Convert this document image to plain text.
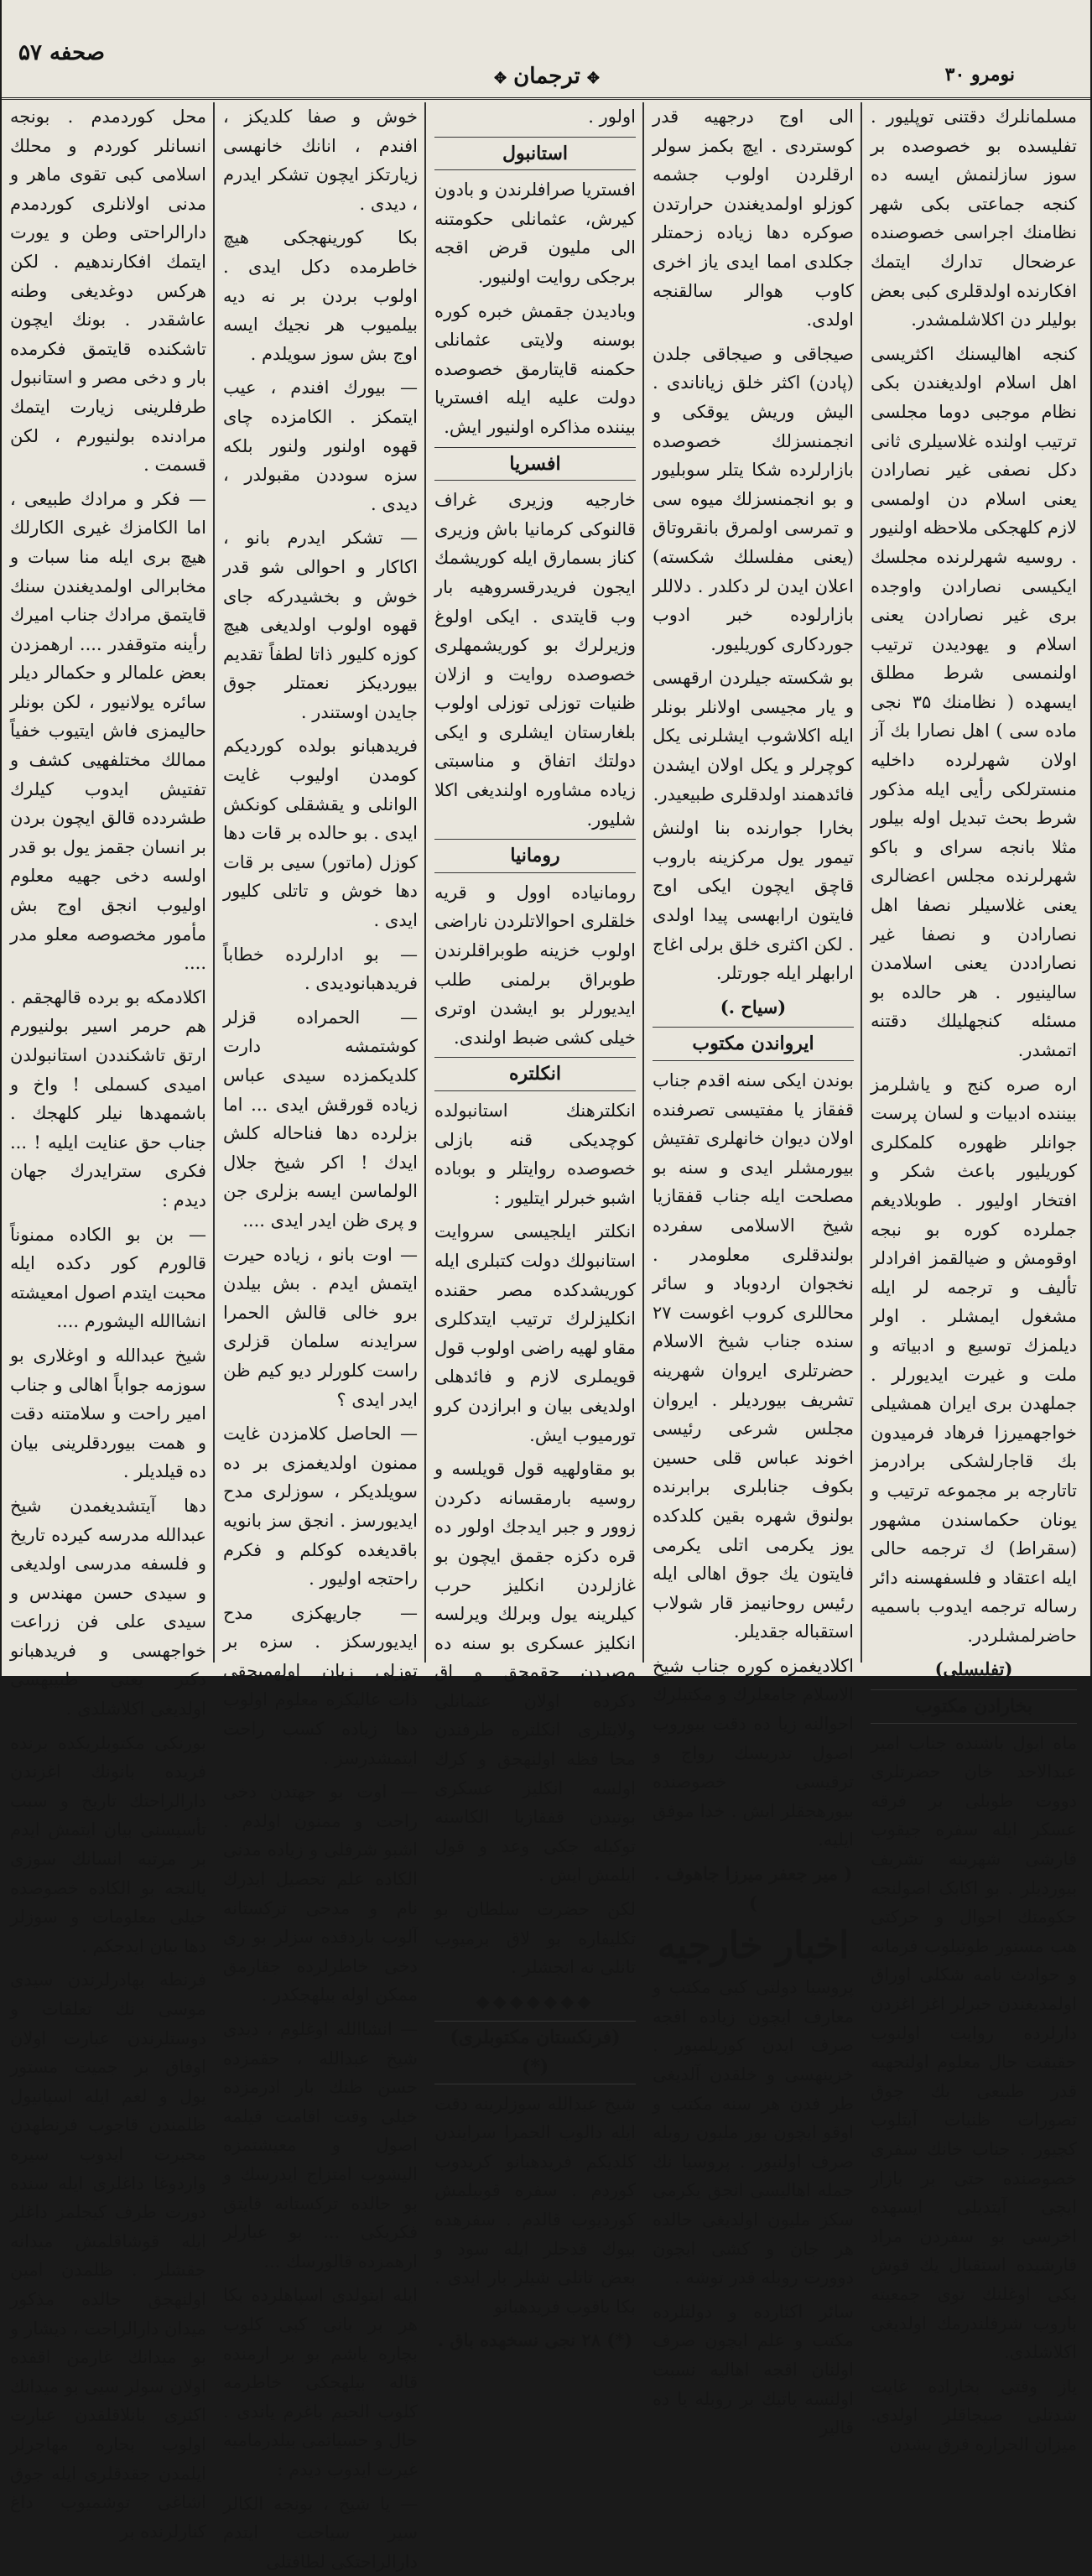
صحفه ۵۷
✥ ترجمان ✥	نومرو ۳۰

مسلمانلرك دقتنی توپلیور . تفلیسده بو خصوصده بر سوز سازلنمش ایسه ده کنجه جماعتی بکی شهر نظامنك اجراسی خصوصنده عرضحال تدارك ایتمك افکارنده اولدقلری کبی بعض بولیلر دن اکلاشلمشدر.

کنجه اهالیسنك اکثریسی اهل اسلام اولدیغندن بکی نظام موجبی دوما مجلسی ترتیب اولنده غلاسیلری ثانی دکل نصفی غیر نصارادن یعنی اسلام دن اولمسی لازم کلهجکی ملاحظه اولنیور . روسیه شهرلرنده مجلسك ایکیسی نصارادن واوجده بری غیر نصارادن یعنی اسلام و یهودیدن ترتیب اولنمسی شرط مطلق ایسهده ( نظامنك ۳۵ نجی ماده سی ) اهل نصارا بك آز اولان شهرلرده داخلیه منسترلکی رأیی ایله مذکور شرط بحث تبدیل اوله بیلور مثلا بانجه سرای و باکو شهرلرنده مجلس اعضالری یعنی غلاسیلر نصفا اهل نصارادن و نصفا غیر نصاراددن یعنی اسلامدن سالینیور . هر حالده بو مسئله کنجهلیلك دقتنه اتمشدر.

اره صره کنج و یاشلرمز بیننده ادبیات و لسان پرست جوانلر ظهوره کلمکلری کوریلیور باعث شکر و افتخار اولیور . طوبلادیغم جملرده کوره بو نبجه اوقومش و ضیالقمز افرادلر تألیف و ترجمه لر ایله مشغول ایمشلر . اولر دیلمزك توسیع و ادبیاته و ملت و غیرت ایدیورلر . جملهدن بری ایران همشیلی خواجهمیرزا فرهاد فرمیدون بك قاجارلشکی برادرمز تاتارجه بر مجموعه ترتیب و یونان حکماسندن مشهور (سقراط) ك ترجمه حالی ایله اعتقاد و فلسفهسنه دائر رساله ترجمه ایدوب باسمیه حاضرلمشلردر.

(تفلیسلی)
بخارادن مکتوب

ماه ایول باشنده جناب امیر عبدالاحد خان حضرتلری دووت طوبلی بر فرقه عسکر ایله سفره جیقوب قارشی شهرینه تشریف بیوردیلر . بو اکابک اصولنجه حکومتك احوال و حرکتی هب مستور طوتیلوب فرمانه و حوادث نامه شکلی اوراق اولمدیغندن خبرلر اغز اغزدن دارلرده روایت اولنوب حقیقت حال معلوم اولنجهیه قدر طبیعی بك چوق تصورات ظنیات آیتلوب کچیور . جناب خانك سفری خصوصنده حتی بر بازار ایچی آیتدیلی ایسهده اخرسی بو سفردن مراد قارشیده استقبال یك قوش بکی اوغلنك توی جمعیته باروب شرفلندرمك اولدیغی اکلاشلدی.

یاز وقتی بخاراده غایت شدتلی صیجاقلر اولدی. میزان الحراره فرق بشدن

الی اوج درجهیه قدر کوستردی . ایچ بکمز سولر ارقلردن اولوب جشمه کوزلو اولمدیغندن حرارتدن صوکره دها زیاده زحمتلر جکلدی امما ایدی یاز اخری کاوب هوالر سالقنجه اولدی.

صیجاقی و صیجاقی جلدن (پادن) اکثر خلق زیاناندی . الیش وریش یوقکی و انجمنسزلك خصوصده بازارلرده شکا یتلر سوبلیور و بو انجمنسزلك میوه سی و تمرسی اولمرق بانقروتاق (یعنی مفلسلك شکسته) اعلان ایدن لر دکلدر . دلاللر بازارلوده خبر ادوب جوردکاری کوریلیور.

بو شکسته جیلردن ارقهسی و یار مجیسی اولانلر بونلر ایله اکلاشوب ایشلرنی یکل کوچرلر و یکل اولان ایشدن فائدهمند اولدقلری طبیعیدر.

بخارا جوارنده بنا اولنش تیمور یول مرکزینه باروب قاچق ایچون ایکی اوج فایتون ارابهسی پیدا اولدی . لکن اکثری خلق برلی اغاج ارابهلر ایله جورتلر.

(سیاح .)
ایرواندن مکتوب

بوندن ایکی سنه اقدم جناب قفقاز یا مفتیسی تصرفنده اولان دیوان خانهلری تفتیش بیورمشلر ایدی و سنه بو مصلحت ایله جناب قفقازیا شیخ الاسلامی سفرده بولندقلری معلومدر . نخجوان اردوباد و سائر محاللری کروب اغوست ۲۷ سنده جناب شیخ الاسلام حضرتلری ایروان شهرینه تشریف بیوردیلر . ایروان مجلس شرعی رئیسی اخوند عباس قلی حسین بکوف جنابلری برابرنده بولنوق شهره بقین کلدکده یوز یکرمی اتلی یکرمی فایتون یك جوق اهالی ایله رئیس روحانیمز قار شولاب استقباله جقدیلر.

اکلادیغمزه کوره جناب شیخ الاسلام جامعلرك و مکتبلرك احوالنه زیا ده دقت بیوروب اصول تدریسك رواج و ترقیسی خصوصنده بیورهجقلر ایش . خدا موفق ایلیه.

( میر جعفر میرزا جاهوف . )
اخبار خارجیه

پروسیا دولتی کبی مکتب و معارف ایچون زیاده اقجه صرف ایدن کوریلمیور . خزینهسی و خلقدن آلدیغی طر فدن هر سنه مکتب و اوقو ایچون یوز ملیون روبله صرف اولنیور . پروسیا نك جمله اهالیسی انجق یکرمی سکز ملیون اولدیغی حالده هر جان و کشی ایچون دوورت روبله قدر توشه .

سائر اکثارده و دولتلرده مکتب و علم ایچون صرف اولنان اقجه اهالیه نسبت اولنسه یاتیك بر روبله یا ده قالیر

اولور .

استانبول

افستریا صرافلرندن و بادون کیرش، عثمانلی حکومتنه الی ملیون قرض اقجه برجکی روایت اولنیور.

وبادیدن جقمش خبره کوره بوسنه ولایتی عثمانلی حکمنه قایتارمق خصوصده دولت علیه ایله افستریا بیننده مذاکره اولنیور ایش.

افسریا

خارجیه وزیری غراف قالنوکی کرمانیا باش وزیری کناز بسمارق ایله کوریشمك ایجون فریدرقسروهیه بار وب قایتدی . ایکی اولوغ وزیرلرك بو کوریشمهلری خصوصده روایت و ازلان ظنیات توزلی توزلی اولوب بلغارستان ایشلری و ایکی دولتك اتفاق و مناسبتی زیاده مشاوره اولندیغی اکلا شلیور.

رومانیا

رومانیاده اوول و قریه خلقلری احوالاتلردن ناراضی اولوب خزینه طوبراقلرندن طوبراق برلمنی طلب ایدیورلر بو ایشدن اوتری خیلی کشی ضبط اولندی.

انکلتره

انکلترهنك استانبولده کوچدیکی قنه بازلی خصوصده روایتلر و بوباده اشبو خبرلر ایتلیور :

انکلتر ایلجیسی سروایت استانبولك دولت کتبلری ایله کوریشدکده مصر حقنده انکلیزلرك ترتیب ایتدکلری مقاو لهیه راضی اولوب قول قویملری لازم و فائدهلی اولدیغی بیان و ابرازدن کرو تورمیوب ایش.

بو مقاولهیه قول قویلسه و روسیه بارمقسانه دکردن زوور و جبر ایدجك اولور ده قره دکزه جقمق ایچون بو غازلردن انکلیز حرب کیلرینه یول وبرلك ویرلسه انکلیز عسکری بو سنه ده مصردن جقمجق و اق دکرده اولان عثمانلی ولایتلری انکلتره طرفندن محا فظه اولنهجق و کرك اولسه انکلیز عسکری بوتیدن قفقازیا الکاسنه توکیله جکی وعد و قول ایلمش ایش .

لکن حضرت سلطان بو تکلیفاره بو لاق برمیوب تانلی نه اتجشلر .

◆◆◆◆◆◆◆
(فرنکستان مکتوبلری) (*)

شیخ عبدالله سوزلرینه دقت ایله دالوب الحمرا سرایندن کلدیکم فریدهبانو کریدوب کوردم . سفره قوبیلمش کوردیوب قالدم . سفرهده بیوك قدحلر ایله سود و بعض تاتلی شیلر بار ایدی . بکا باقوب فریدهبانو

(*) ۲۸ نجی نسخهده باق .

خوش و صفا کلدیکز ، افندم ، انانك خانهسی زیارتکز ایچون تشکر ایدرم ، دیدی .

بکا کورینهجکی هیچ خاطرمده دکل ایدی . اولوب بردن بر نه دیه بیلمیوب هر نجیك ایسه اوج بش سوز سویلدم .

— بیورك افندم ، عیب ایتمکز . الکامزده چای قهوه اولنور ولنور بلکه سزه سوددن مقبولدر ، دیدی .

— تشکر ایدرم بانو ، اکاکار و احوالی شو قدر خوش و بخشیدرکه جای قهوه اولوب اولدیغی هیچ کوزه کلیور ذاتا لطفاً تقدیم بیوردیکز نعمتلر جوق جایدن اوستندر .

فریدهبانو بولده کوردیکم کومدن اولیوب غایت الوانلی و یقشقلی کونکش ایدی . بو حالده بر قات دها کوزل (ماتور) سیی بر قات دها خوش و تاتلی کلیور ایدی .

— بو ادارلرده خطاباً فریدهبانودیدی .

— الحمراده قزلر کوشتمشه دارت کلدیکمزده سیدی عباس زیاده قورقش ایدی ... اما بزلرده دها فناحاله کلش ایدك ! اکر شیخ جلال الولماسن ایسه بزلری جن و پری ظن ایدر ایدی ....

— اوت بانو ، زیاده حیرت ایتمش ایدم . بش بیلدن برو خالی قالش الحمرا سرایدنه سلمان قزلری راست کلورلر دیو کیم ظن ایدر ایدی ؟

— الحاصل کلامزدن غایت ممنون اولدیغمزی بر ده سویلدیکر ، سوزلری مدح ایدیورسز . انجق سز بانویه باقدیغده کوکلم و فکرم راحتجه اولیور .

— جاریهکزی مدح ایدیورسکز . سزه بر توزلی زبان اولهمیجقی ذات عالیکزه معلوم اولوب دها زیاده کسب راحت ایتمشدرسز .

— اوت بو جهتدن دخی راحت و ممنون اولدم . اشبو شرفلی و زیاده مدنی الکاده علم تحصیل ایدرك نام و مدحی ترکستانه آلوب باردقده سزلر بو ری دخی خاطرلرده جقارمق ممکن اوله بیلهجکدر .

— انشاالله اوغلوم ، دیدی شیخ عبدالله ، حقمزده حسن ظنك بار ادرمزده خیلی وقت اقامت قیلمه اصول و معیشتمزه الیشوب امتزاج ایدرسك و بو حالده ترکستانه قایتق فکریکی ... بو عبارلر ارهمزده قالورسك ...

ایله ایتولدی اسپاهلرده بکا هر بر بانی کبی کلوب بچاره یاشم بو بر ارمنده قاله بیلهجکی خاطرمه کلوب الحیم باغرم یاندی . حال و حسیاتمی بیلدرمامیه غیرت ایدوب دیدم :

— یا شیخ ، بونجه الکالر سیر سیاحت ایتدم دارالراحتکی لطافتلی

محل کوردمدم . بونجه انسانلر کوردم و محلك اسلامی کبی تقوی ماهر و مدنی اولانلری کوردمدم دارالراحتی وطن و یورت ایتمك افکارندهیم . لکن هرکس دوغدیغی وطنه عاشقدر . بونك ایچون تاشکنده قایتمق فکرمده بار و دخی مصر و استانبول طرفلرینی زیارت ایتمك مرادنده بولنیورم ، لکن قسمت .

— فکر و مرادك طبیعی ، اما الکامزك غیری الکارلك هیچ بری ایله منا سبات و مخابرالی اولمدیغندن سنك قایتمق مرادك جناب امیرك رأینه متوقفدر .... ارهمزدن بعض علمالر و حکمالر دیلر سائره یولانیور ، لکن بونلر حالیمزی فاش ایتیوب خفیاً ممالك مختلفهیی کشف و تفتیش ایدوب کیلرك طشردده قالق ایچون بردن بر انسان جقمز یول بو قدر اولسه دخی جهیه معلوم اولیوب انجق اوج بش مأمور مخصوصه معلو مدر ....

اکلادمکه بو برده قالهجقم . هم حرمر اسیر بولنیورم ارتق تاشکنددن استانبولدن امیدی کسملی ! واخ و باشمهدها نیلر کلهجك . جناب حق عنایت ایلیه ! ... فکری سترایدرك جهان دیدم :

— بن بو الکاده ممنوناً قالورم کور دکده ایله محبت ایتدم اصول امعیشته انشاالله الیشورم ....

شیخ عبدالله و اوغلاری بو سوزمه جواباً اهالی و جناب امیر راحت و سلامتنه دقت و همت بیوردقلرینی بیان ده قیلدیلر .

دها آیتشدیغمدن شیخ عبدالله مدرسه کیرده تاریخ و فلسفه مدرسی اولدیغی و سیدی حسن مهندس و سیدی علی فن زراعت خواجهسی و فریدهبانو دکتر یعنی طبیبهسی اولدیغی اکلاشلدی .

بورنکی مکتوبلریکده برنده فریده بانونك اغزندن دارالراحتك تاریخ و سبب تأسیسنی بیان ایتمش ایدم بر مرتبه انسانك سوزی یالنجه بو الکاده خصوصده خیلی معلومات و سوزلر دها بیان ایدجکم .

فرنطه بهادرلرندن سیدی موسی نك تعلقات و دوستلرندن عبارت اولان اوفاق بر جمیت مستور یول و لغم ایله اسپانیول ظلمندن قاجوب فرنطهدن محبرت ایدوب سیره واردوغا داغلری ایله سنده دورت طرف کیجلمز داغلر ایله قوشاقلمش میدانه جقشلر . ظلمدن امین اولنهجق حالده مذکور میدان دارالراحت ، دیشار و بو میدانك غارمن اقفده اولان سولر سیی بو میدانك اکثری بانلاقلقدن عبارت اولوب بحاره مهاجرلر ایلمدن جقدقلری ایله جوق اشاغی توشمیوب داغ کنارلرنده بر
